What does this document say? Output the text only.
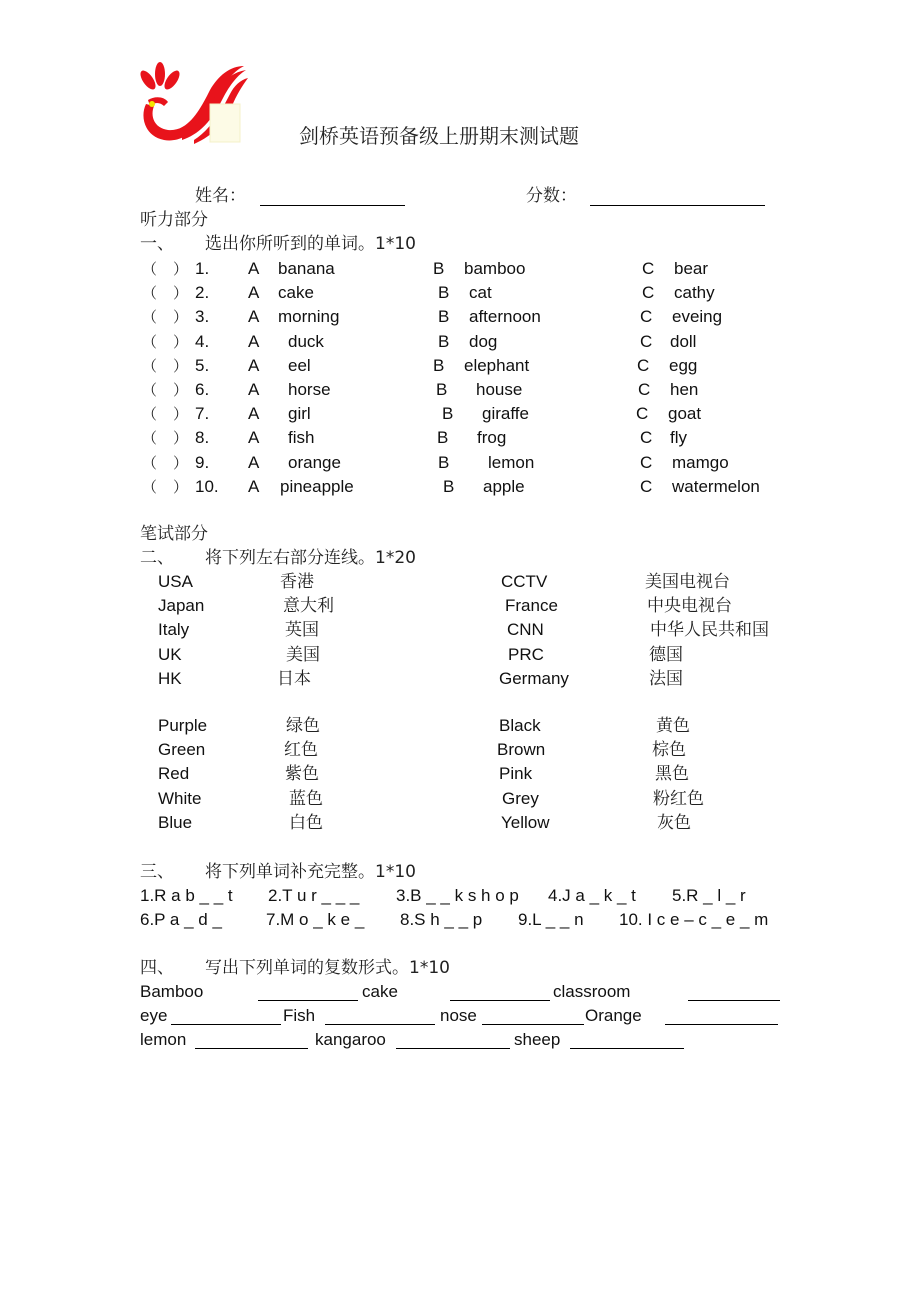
剑桥英语预备级上册期末测试题
姓名：	分数：
听力部分
一、 选出你所听到的单词。1*10
（ ） 1. A banana	B bamboo	C bear
（ ） 2. A cake	B cat	C cathy
（ ） 3. A morning	B afternoon	C eveing
（ ） 4. A duck	B dog	C doll
（ ） 5. A eel	B elephant	C egg
（ ） 6. A horse	B house	C hen
（ ） 7. A girl	B giraffe	C goat
（ ） 8. A fish	B frog	C fly
（ ） 9. A orange	B lemon	C mamgo
（ ） 10. A pineapple	B apple	C watermelon
笔试部分
二、 将下列左右部分连线。1*20
USA	香港	CCTV	美国电视台
Japan	意大利	France	中央电视台
Italy	英国	CNN	中华人民共和国
UK	美国	PRC	德国
HK	日本	Germany	法国
Purple	绿色	Black	黄色
Green	红色	Brown	棕色
Red	紫色	Pink	黑色
White	蓝色	Grey	粉红色
Blue	白色	Yellow	灰色
三、 将下列单词补充完整。1*10
1.R a b _ _ t 2.T u r _ _ _ 3.B _ _ k s h o p 4.J a _ k _ t 5.R _ l _ r
6.P a _ d _	7.M o _ k e _ 8.S h _ _ p 9.L _ _ n 10. I c e – c _ e _ m
四、 写出下列单词的复数形式。1*10
Bamboo	cake	classroom
eye	Fish	nose	Orange
lemon	kangaroo	sheep
